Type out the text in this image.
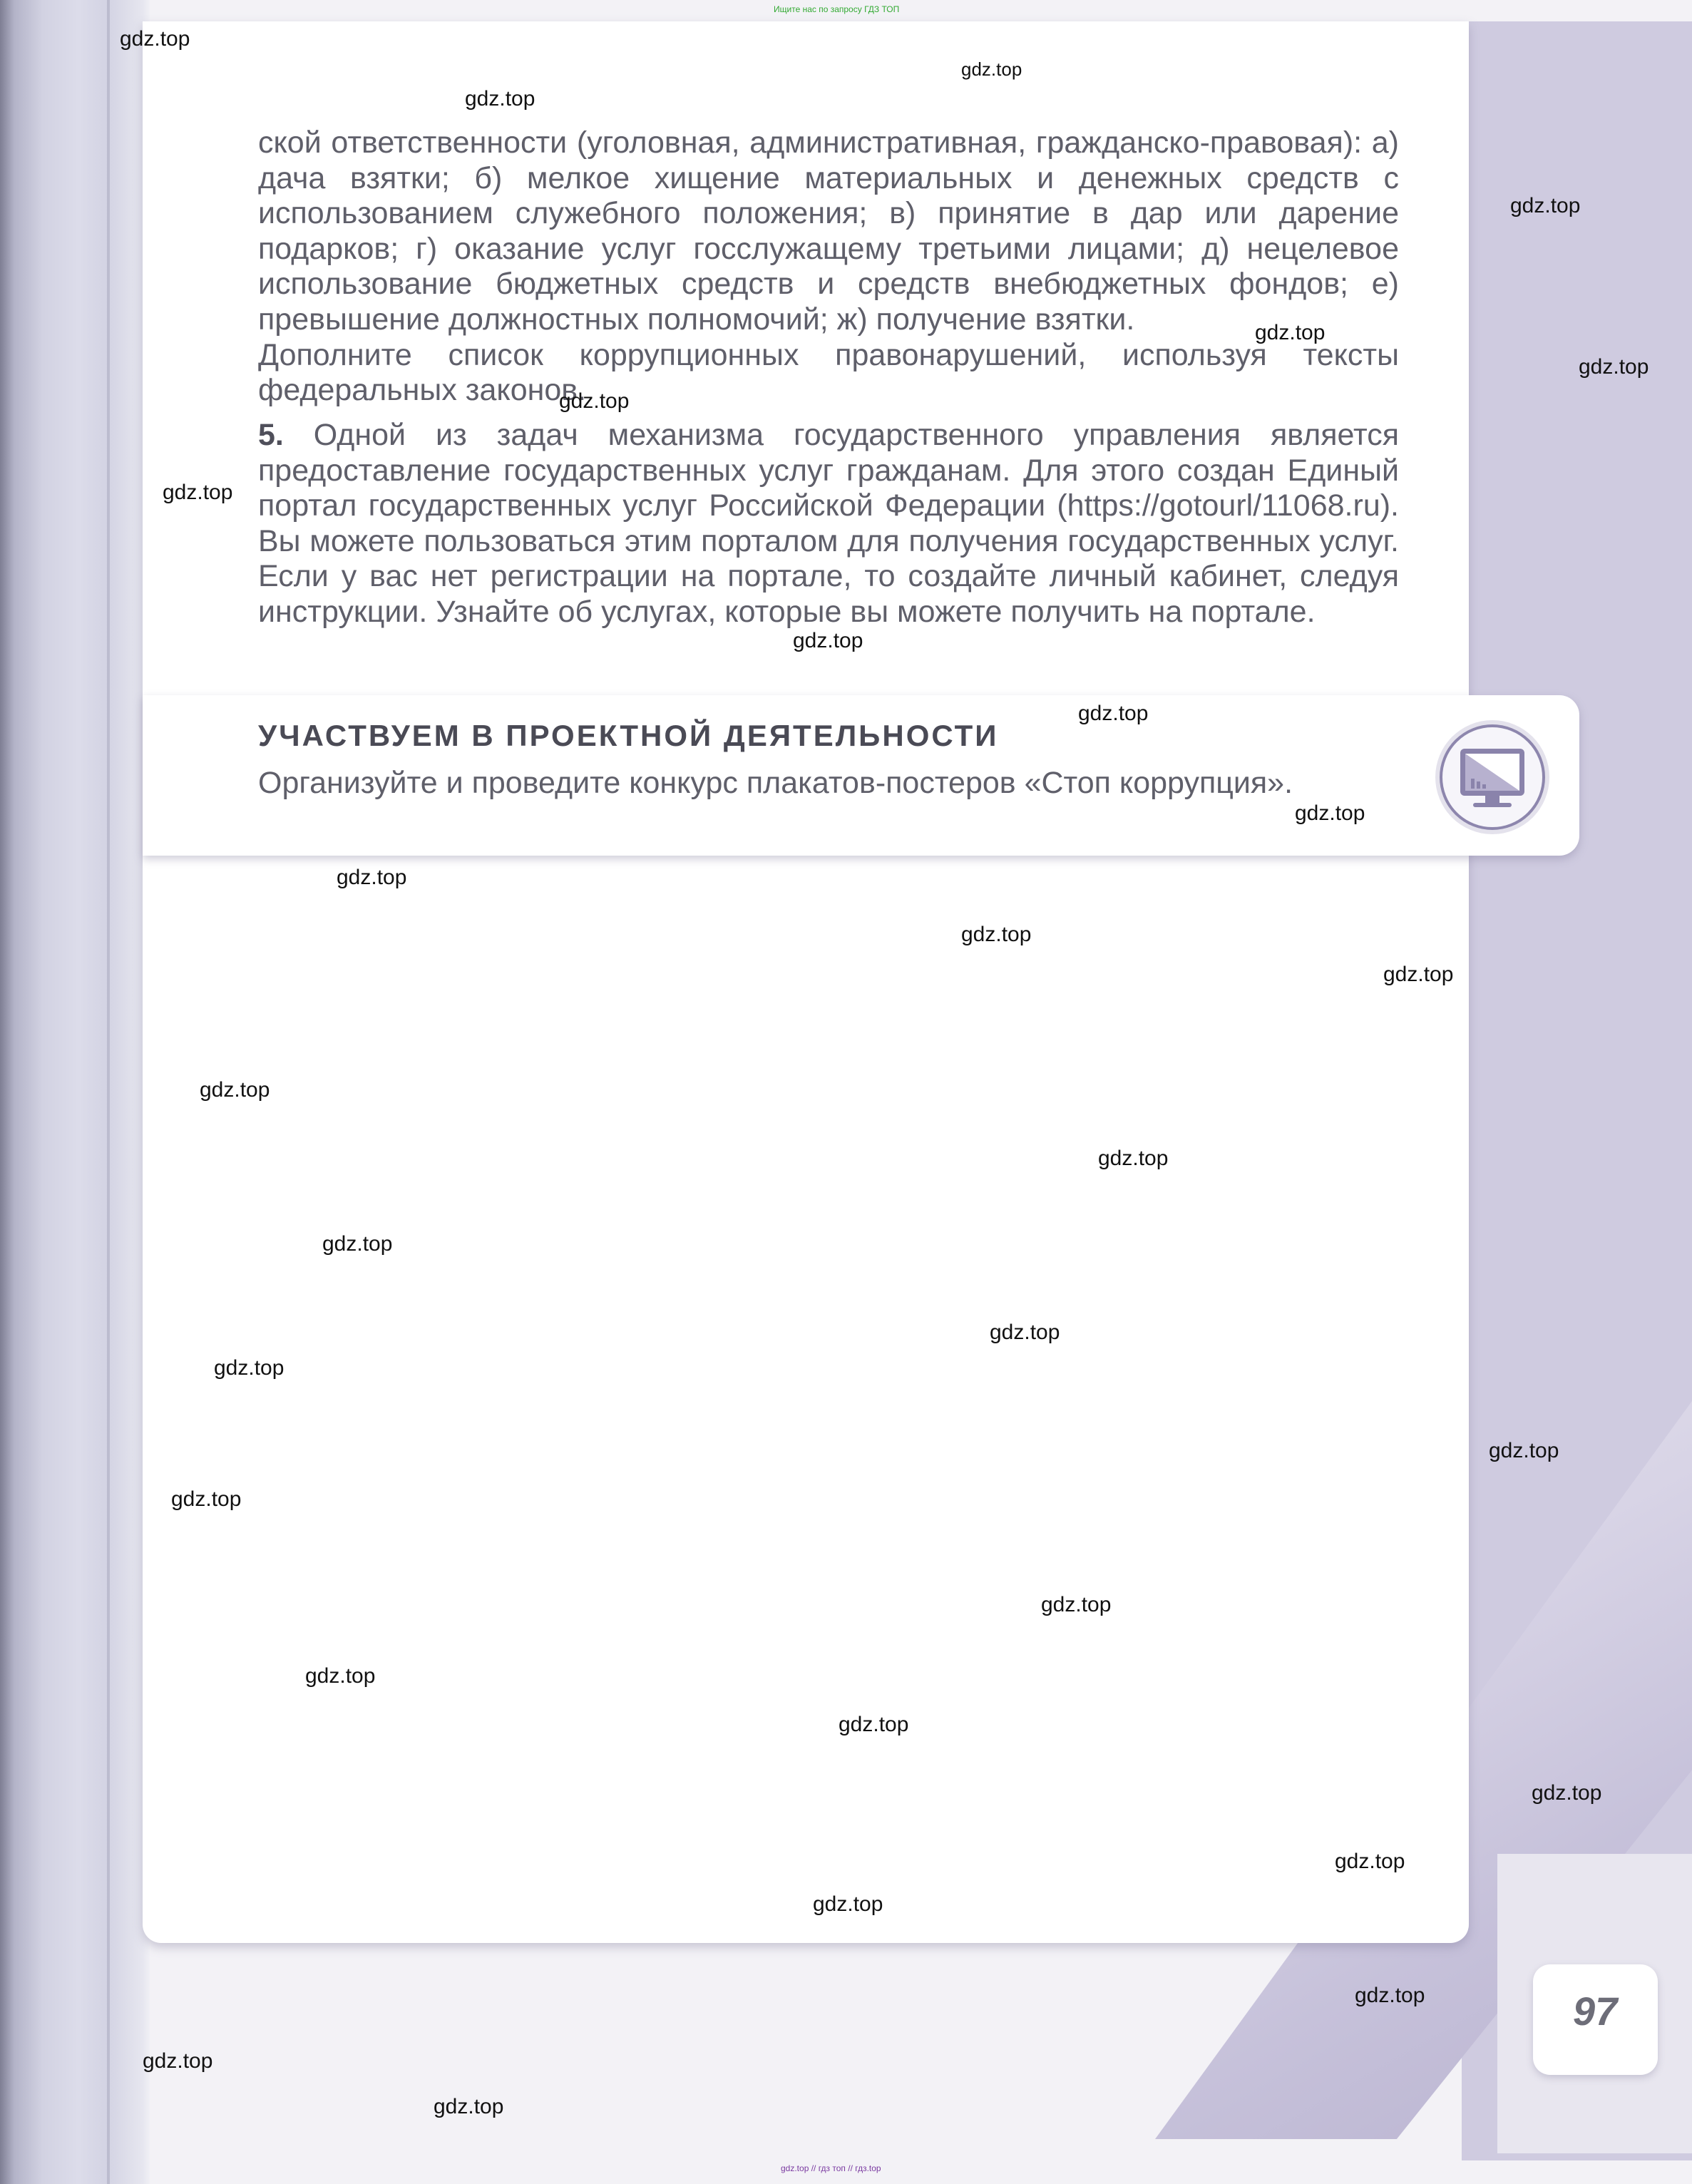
Ищите нас по запросу ГДЗ ТОП

ской ответственности (уголовная, административная, гражданско-правовая): а) дача взятки; б) мелкое хищение материальных и денежных средств с использованием служебного положения; в) принятие в дар или дарение подарков; г) оказание услуг госслужащему третьими лицами; д) нецелевое использование бюджетных средств и средств внебюджетных фондов; е) превышение должностных полномочий; ж) получение взятки.

Дополните список коррупционных правонарушений, используя тексты федеральных законов.

5. Одной из задач механизма государственного управления является предоставление государственных услуг гражданам. Для этого создан Единый портал государственных услуг Российской Федерации (https://gotourl/11068.ru). Вы можете пользоваться этим порталом для получения государственных услуг. Если у вас нет регистрации на портале, то создайте личный кабинет, следуя инструкции. Узнайте об услугах, которые вы можете получить на портале.

УЧАСТВУЕМ В ПРОЕКТНОЙ ДЕЯТЕЛЬНОСТИ
Организуйте и проведите конкурс плакатов-постеров «Стоп коррупция».
97
gdz.top
gdz.top
gdz.top
gdz.top
gdz.top
gdz.top
gdz.top
gdz.top
gdz.top
gdz.top
gdz.top
gdz.top
gdz.top
gdz.top
gdz.top
gdz.top
gdz.top
gdz.top
gdz.top
gdz.top
gdz.top
gdz.top
gdz.top
gdz.top
gdz.top
gdz.top
gdz.top
gdz.top
gdz.top
gdz.top
gdz.top // гдз топ // гдз.top
